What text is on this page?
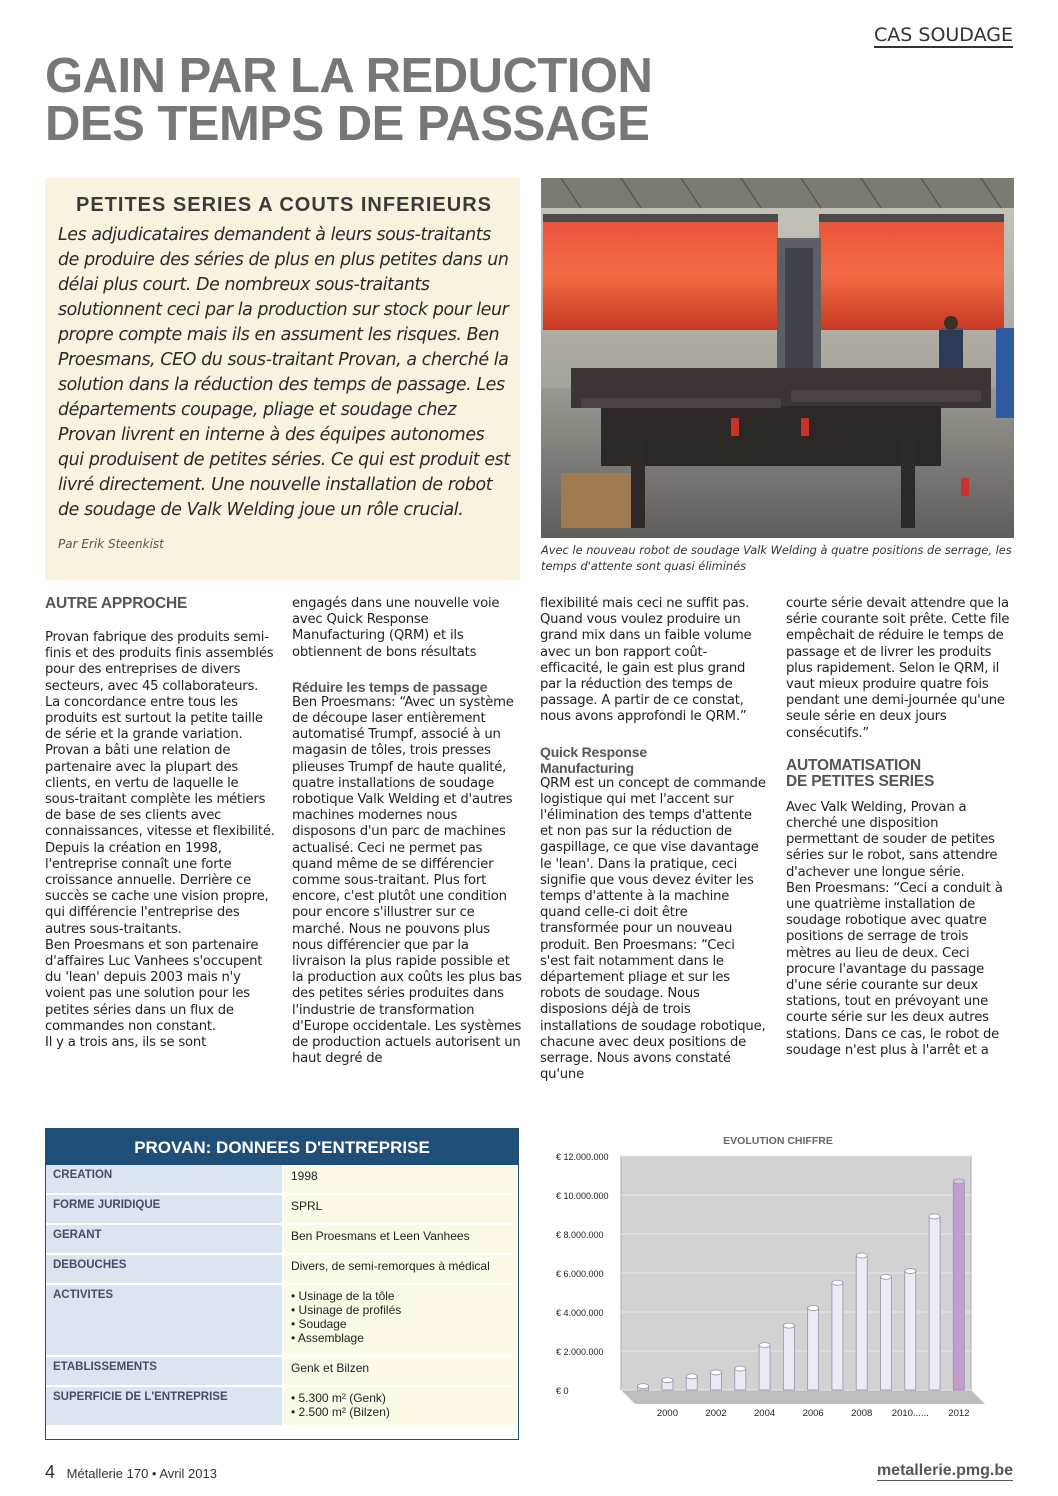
CAS SOUDAGE
GAIN PAR LA REDUCTION
DES TEMPS DE PASSAGE
PETITES SERIES A COUTS INFERIEURS
Les adjudicataires demandent à leurs sous-traitants de produire des séries de plus en plus petites dans un délai plus court. De nombreux sous-traitants solutionnent ceci par la production sur stock pour leur propre compte mais ils en assument les risques. Ben Proesmans, CEO du sous-traitant Provan, a cherché la solution dans la réduction des temps de passage. Les départements coupage, pliage et soudage chez Provan livrent en interne à des équipes autonomes qui produisent de petites séries. Ce qui est produit est livré directement. Une nouvelle installation de robot de soudage de Valk Welding joue un rôle crucial.
Par Erik Steenkist	Avec le nouveau robot de soudage Valk Welding à quatre positions de serrage, les temps d'attente sont quasi éliminés
AUTRE APPROCHE

Provan fabrique des produits semi-finis et des produits finis assemblés pour des entreprises de divers secteurs, avec 45 collaborateurs.

La concordance entre tous les produits est surtout la petite taille de série et la grande variation. Provan a bâti une relation de partenaire avec la plupart des clients, en vertu de laquelle le sous-traitant complète les métiers de base de ses clients avec connaissances, vitesse et flexibilité.

Depuis la création en 1998, l'entreprise connaît une forte croissance annuelle. Derrière ce succès se cache une vision propre, qui différencie l'entreprise des autres sous-traitants.

Ben Proesmans et son partenaire d'affaires Luc Vanhees s'occupent du 'lean' depuis 2003 mais n'y voient pas une solution pour les petites séries dans un flux de commandes non constant.

Il y a trois ans, ils se sont

engagés dans une nouvelle voie avec Quick Response Manufacturing (QRM) et ils obtiennent de bons résultats

Réduire les temps de passage

Ben Proesmans: “Avec un système de découpe laser entièrement automatisé Trumpf, associé à un magasin de tôles, trois presses plieuses Trumpf de haute qualité, quatre installations de soudage robotique Valk Welding et d'autres machines modernes nous disposons d'un parc de machines actualisé. Ceci ne permet pas quand même de se différencier comme sous-traitant. Plus fort encore, c'est plutôt une condition pour encore s'illustrer sur ce marché. Nous ne pouvons plus nous différencier que par la livraison la plus rapide possible et la production aux coûts les plus bas des petites séries produites dans l'industrie de transformation d'Europe occidentale. Les systèmes de production actuels autorisent un haut degré de

flexibilité mais ceci ne suffit pas. Quand vous voulez produire un grand mix dans un faible volume avec un bon rapport coût-efficacité, le gain est plus grand par la réduction des temps de passage. A partir de ce constat, nous avons approfondi le QRM.”

Quick Response Manufacturing

QRM est un concept de commande logistique qui met l'accent sur l'élimination des temps d'attente et non pas sur la réduction de gaspillage, ce que vise davantage le 'lean'. Dans la pratique, ceci signifie que vous devez éviter les temps d'attente à la machine quand celle-ci doit être transformée pour un nouveau produit. Ben Proesmans: “Ceci s'est fait notamment dans le département pliage et sur les robots de soudage. Nous disposions déjà de trois installations de soudage robotique, chacune avec deux positions de serrage. Nous avons constaté qu'une

courte série devait attendre que la série courante soit prête. Cette file empêchait de réduire le temps de passage et de livrer les produits plus rapidement. Selon le QRM, il vaut mieux produire quatre fois pendant une demi-journée qu'une seule série en deux jours consécutifs.”

AUTOMATISATION
DE PETITES SERIES

Avec Valk Welding, Provan a cherché une disposition permettant de souder de petites séries sur le robot, sans attendre d'achever une longue série.

Ben Proesmans: “Ceci a conduit à une quatrième installation de soudage robotique avec quatre positions de serrage de trois mètres au lieu de deux. Ceci procure l'avantage du passage d'une série courante sur deux stations, tout en prévoyant une courte série sur les deux autres stations. Dans ce cas, le robot de soudage n'est plus à l'arrêt et a

PROVAN: DONNEES D'ENTREPRISE
CREATION	1998
FORME JURIDIQUE	SPRL
GERANT	Ben Proesmans et Leen Vanhees
DEBOUCHES	Divers, de semi-remorques à médical
ACTIVITES	• Usinage de la tôle
• Usinage de profilés
• Soudage
• Assemblage
ETABLISSEMENTS	Genk et Bilzen
SUPERFICIE DE L'ENTREPRISE	• 5.300 m² (Genk)
• 2.500 m² (Bilzen)
EVOLUTION CHIFFRE
€ 0
€ 2.000.000
€ 4.000.000
€ 6.000.000
€ 8.000.000
€ 10.000.000
€ 12.000.000
2000	2002	2004	2006	2008 2010...... 2012
4 Métallerie 170 • Avril 2013	metallerie.pmg.be
